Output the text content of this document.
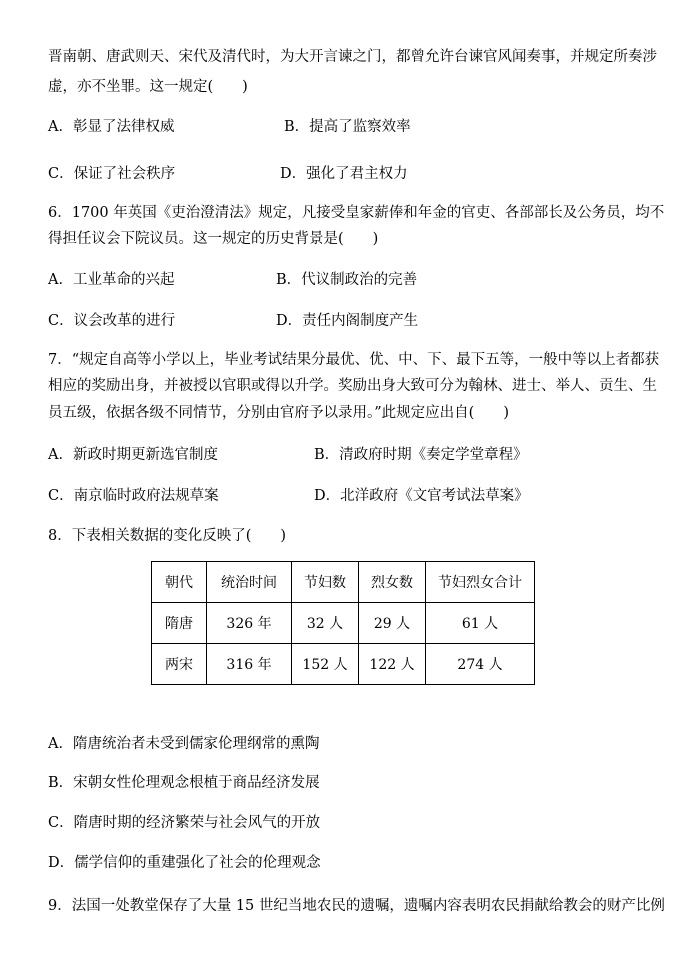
晋南朝、唐武则天、宋代及清代时，为大开言谏之门，都曾允许台谏官风闻奏事，并规定所奏涉
虚，亦不坐罪。这一规定(　　)
A．彰显了法律权威	B．提高了监察效率
C．保证了社会秩序	D．强化了君主权力
6．1700 年英国《吏治澄清法》规定，凡接受皇家薪俸和年金的官吏、各部部长及公务员，均不
得担任议会下院议员。这一规定的历史背景是(　　)
A．工业革命的兴起	B．代议制政治的完善
C．议会改革的进行	D．责任内阁制度产生
7．“规定自高等小学以上，毕业考试结果分最优、优、中、下、最下五等，一般中等以上者都获
相应的奖励出身，并被授以官职或得以升学。奖励出身大致可分为翰林、进士、举人、贡生、生
员五级，依据各级不同情节，分别由官府予以录用。”此规定应出自(　　)
A．新政时期更新选官制度	B．清政府时期《奏定学堂章程》
C．南京临时政府法规草案	D．北洋政府《文官考试法草案》
8．下表相关数据的变化反映了(　　)
朝代	统治时间	节妇数	烈女数	节妇烈女合计
隋唐	326 年	32 人	29 人	61 人
两宋	316 年	152 人	122 人	274 人
A．隋唐统治者未受到儒家伦理纲常的熏陶
B．宋朝女性伦理观念根植于商品经济发展
C．隋唐时期的经济繁荣与社会风气的开放
D．儒学信仰的重建强化了社会的伦理观念
9．法国一处教堂保存了大量 15 世纪当地农民的遗嘱，遗嘱内容表明农民捐献给教会的财产比例
